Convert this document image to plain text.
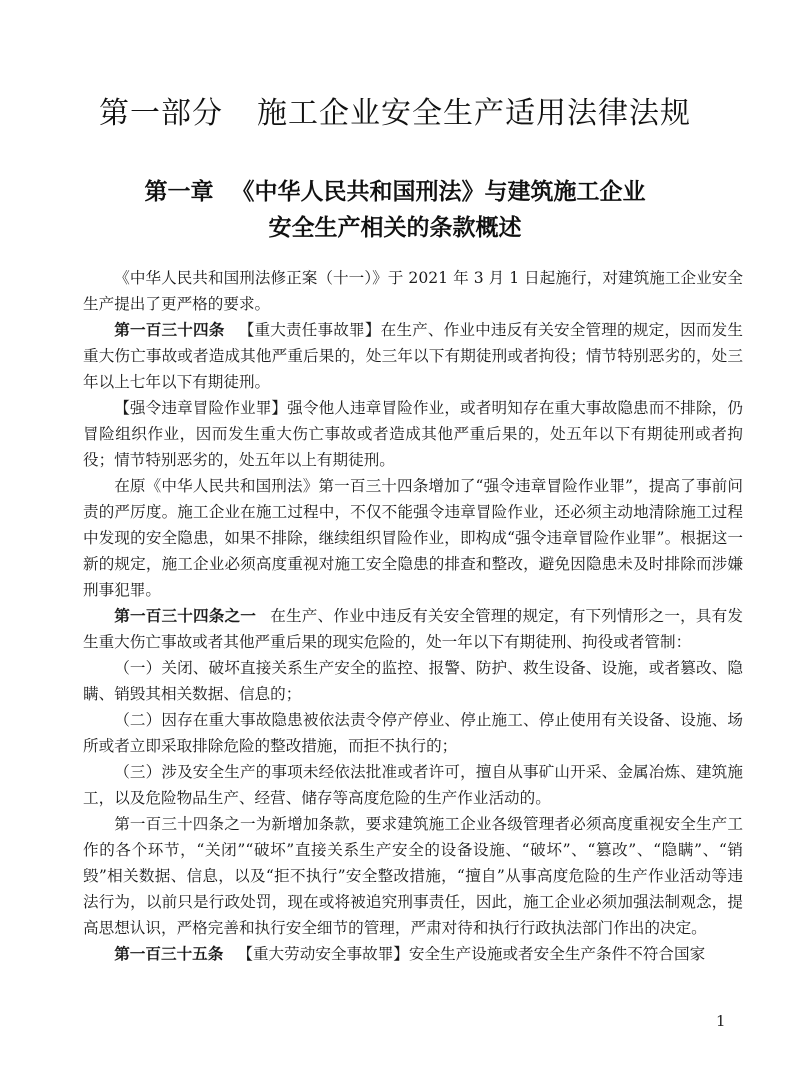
第一部分 施工企业安全生产适用法律法规
第一章 《中华人民共和国刑法》与建筑施工企业
安全生产相关的条款概述

《中华人民共和国刑法修正案（十一）》于 2021 年 3 月 1 日起施行，对建筑施工企业安全生产提出了更严格的要求。

第一百三十四条 【重大责任事故罪】在生产、作业中违反有关安全管理的规定，因而发生重大伤亡事故或者造成其他严重后果的，处三年以下有期徒刑或者拘役；情节特别恶劣的，处三年以上七年以下有期徒刑。

【强令违章冒险作业罪】强令他人违章冒险作业，或者明知存在重大事故隐患而不排除，仍冒险组织作业，因而发生重大伤亡事故或者造成其他严重后果的，处五年以下有期徒刑或者拘役；情节特别恶劣的，处五年以上有期徒刑。

在原《中华人民共和国刑法》第一百三十四条增加了“强令违章冒险作业罪”，提高了事前问责的严厉度。施工企业在施工过程中，不仅不能强令违章冒险作业，还必须主动地清除施工过程中发现的安全隐患，如果不排除，继续组织冒险作业，即构成“强令违章冒险作业罪”。根据这一新的规定，施工企业必须高度重视对施工安全隐患的排查和整改，避免因隐患未及时排除而涉嫌刑事犯罪。

第一百三十四条之一 在生产、作业中违反有关安全管理的规定，有下列情形之一，具有发生重大伤亡事故或者其他严重后果的现实危险的，处一年以下有期徒刑、拘役或者管制：

（一）关闭、破坏直接关系生产安全的监控、报警、防护、救生设备、设施，或者篡改、隐瞒、销毁其相关数据、信息的；

（二）因存在重大事故隐患被依法责令停产停业、停止施工、停止使用有关设备、设施、场所或者立即采取排除危险的整改措施，而拒不执行的；

（三）涉及安全生产的事项未经依法批准或者许可，擅自从事矿山开采、金属冶炼、建筑施工，以及危险物品生产、经营、储存等高度危险的生产作业活动的。

第一百三十四条之一为新增加条款，要求建筑施工企业各级管理者必须高度重视安全生产工作的各个环节，“关闭”“破坏”直接关系生产安全的设备设施、“破坏”、“篡改”、“隐瞒”、“销毁”相关数据、信息，以及“拒不执行”安全整改措施，“擅自”从事高度危险的生产作业活动等违法行为，以前只是行政处罚，现在或将被追究刑事责任，因此，施工企业必须加强法制观念，提高思想认识，严格完善和执行安全细节的管理，严肃对待和执行行政执法部门作出的决定。

第一百三十五条 【重大劳动安全事故罪】安全生产设施或者安全生产条件不符合国家

1
